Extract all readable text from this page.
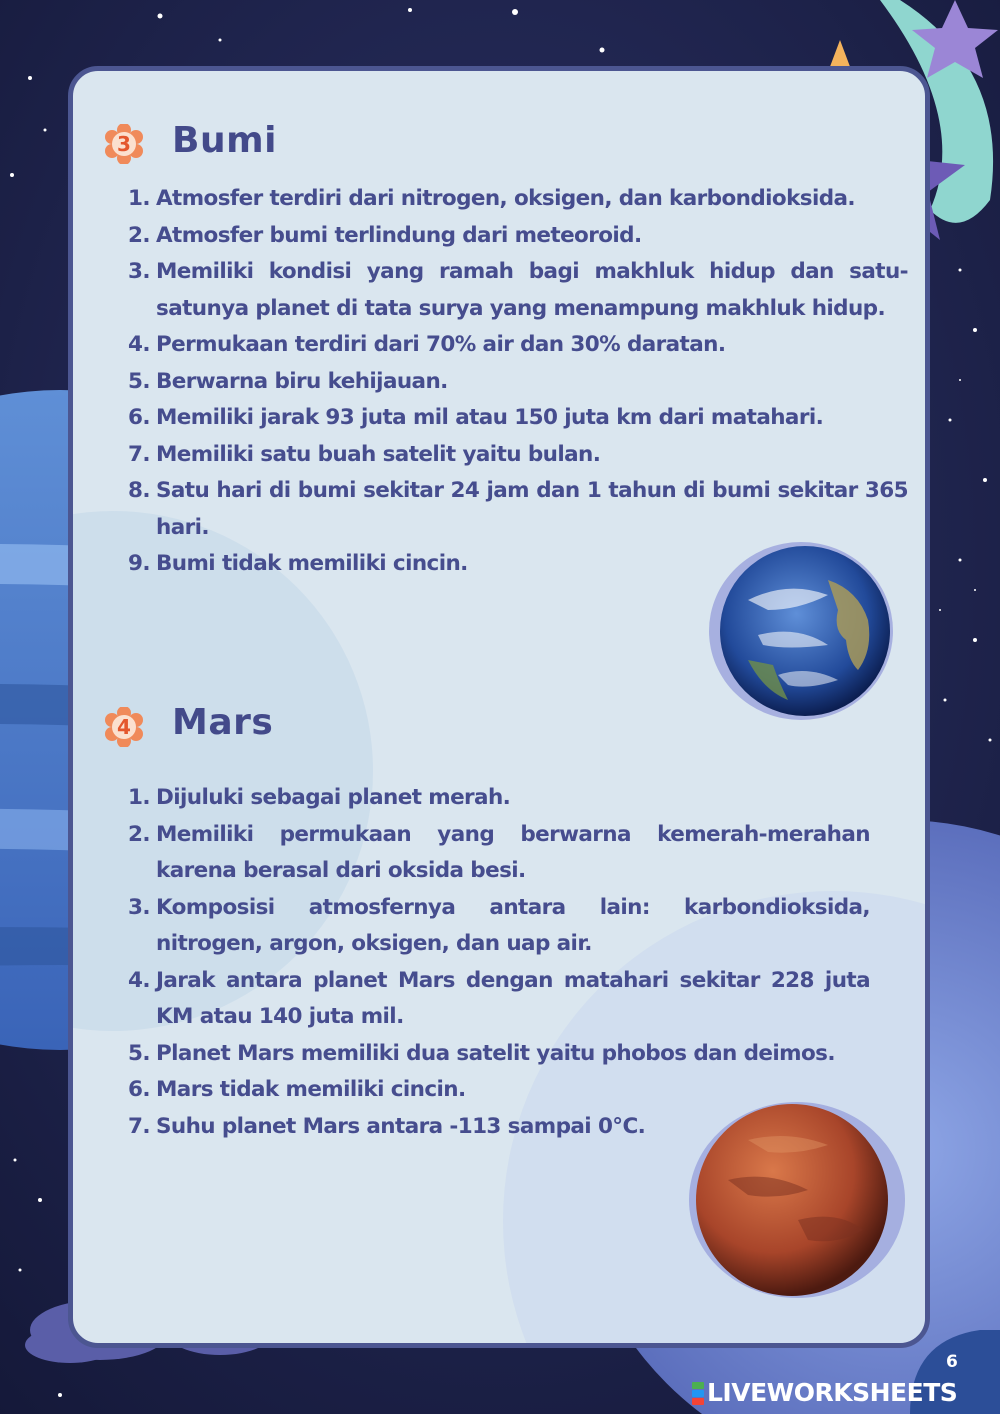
3	Bumi
1. Atmosfer terdiri dari nitrogen, oksigen, dan karbondioksida.
2. Atmosfer bumi terlindung dari meteoroid.
3. Memiliki kondisi yang ramah bagi makhluk hidup dan satu-satunya planet di tata surya yang menampung makhluk hidup.
4. Permukaan terdiri dari 70% air dan 30% daratan.
5. Berwarna biru kehijauan.
6. Memiliki jarak 93 juta mil atau 150 juta km dari matahari.
7. Memiliki satu buah satelit yaitu bulan.
8. Satu hari di bumi sekitar 24 jam dan 1 tahun di bumi sekitar 365 hari.
9. Bumi tidak memiliki cincin.
4	Mars
1. Dijuluki sebagai planet merah.
2. Memiliki permukaan yang berwarna kemerah-merahan karena berasal dari oksida besi.
3. Komposisi atmosfernya antara lain: karbondioksida, nitrogen, argon, oksigen, dan uap air.
4. Jarak antara planet Mars dengan matahari sekitar 228 juta KM atau 140 juta mil.
5. Planet Mars memiliki dua satelit yaitu phobos dan deimos.
6. Mars tidak memiliki cincin.
7. Suhu planet Mars antara -113 sampai 0°C.
6
LIVEWORKSHEETS
